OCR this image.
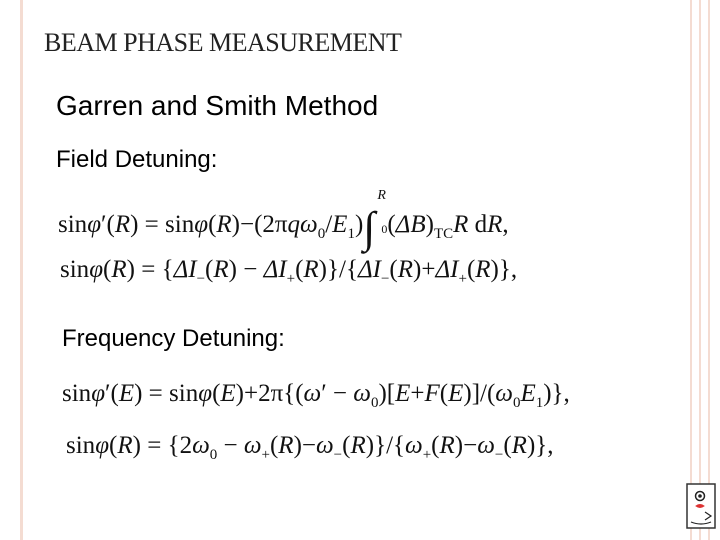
BEAM PHASE MEASUREMENT
Garren and Smith Method
Field Detuning:
$\sin\varphi'(R) = \sin\varphi(R)-(2\pi q\omega_0/E_1)\int$
R
0 $(\Delta B)_{TC}R$ dR,
$\sin\varphi(R) = \{\Delta I_-(R) - \Delta I_+(R)\}/\{\Delta I_-(R)+\Delta I_+(R)\}$,
Frequency Detuning:
$\sin\varphi'(E) = \sin\varphi(E)+2\pi\{(\omega' - \omega_0)[E+F(E)]/(\omega_0E_1)\}$,
$\sin\varphi(R) = \{2\omega_0 - \omega_+(R)-\omega_-(R)\}/\{\omega_+(R)-\omega_-(R)\}$,
